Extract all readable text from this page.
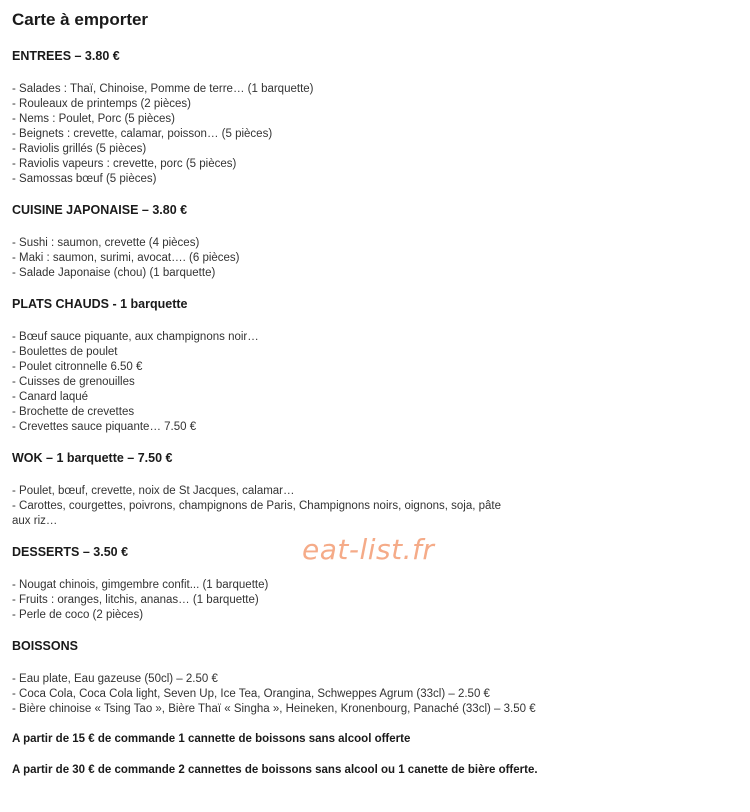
Carte à emporter
ENTREES – 3.80 €
- Salades : Thaï, Chinoise, Pomme de terre… (1 barquette)
- Rouleaux de printemps (2 pièces)
- Nems : Poulet, Porc (5 pièces)
- Beignets : crevette, calamar, poisson… (5 pièces)
- Raviolis grillés (5 pièces)
- Raviolis vapeurs : crevette, porc (5 pièces)
- Samossas bœuf (5 pièces)
CUISINE JAPONAISE – 3.80 €
- Sushi : saumon, crevette (4 pièces)
- Maki : saumon, surimi, avocat…. (6 pièces)
- Salade Japonaise (chou) (1 barquette)
PLATS CHAUDS - 1 barquette
- Bœuf sauce piquante, aux champignons noir…
- Boulettes de poulet
- Poulet citronnelle 6.50 €
- Cuisses de grenouilles
- Canard laqué
- Brochette de crevettes
- Crevettes sauce piquante… 7.50 €
WOK – 1 barquette – 7.50 €
- Poulet, bœuf, crevette, noix de St Jacques, calamar…
- Carottes, courgettes, poivrons, champignons de Paris, Champignons noirs, oignons, soja, pâte aux riz…
DESSERTS – 3.50 €
- Nougat chinois, gimgembre confit... (1 barquette)
- Fruits : oranges, litchis, ananas… (1 barquette)
- Perle de coco (2 pièces)
BOISSONS
- Eau plate, Eau gazeuse (50cl) – 2.50 €
- Coca Cola, Coca Cola light, Seven Up, Ice Tea, Orangina, Schweppes Agrum (33cl) – 2.50 €
- Bière chinoise « Tsing Tao », Bière Thaï « Singha », Heineken, Kronenbourg, Panaché (33cl) – 3.50 €
A partir de 15 € de commande 1 cannette de boissons sans alcool offerte
A partir de 30 € de commande 2 cannettes de boissons sans alcool ou 1 canette de bière offerte.
eat-list.fr
